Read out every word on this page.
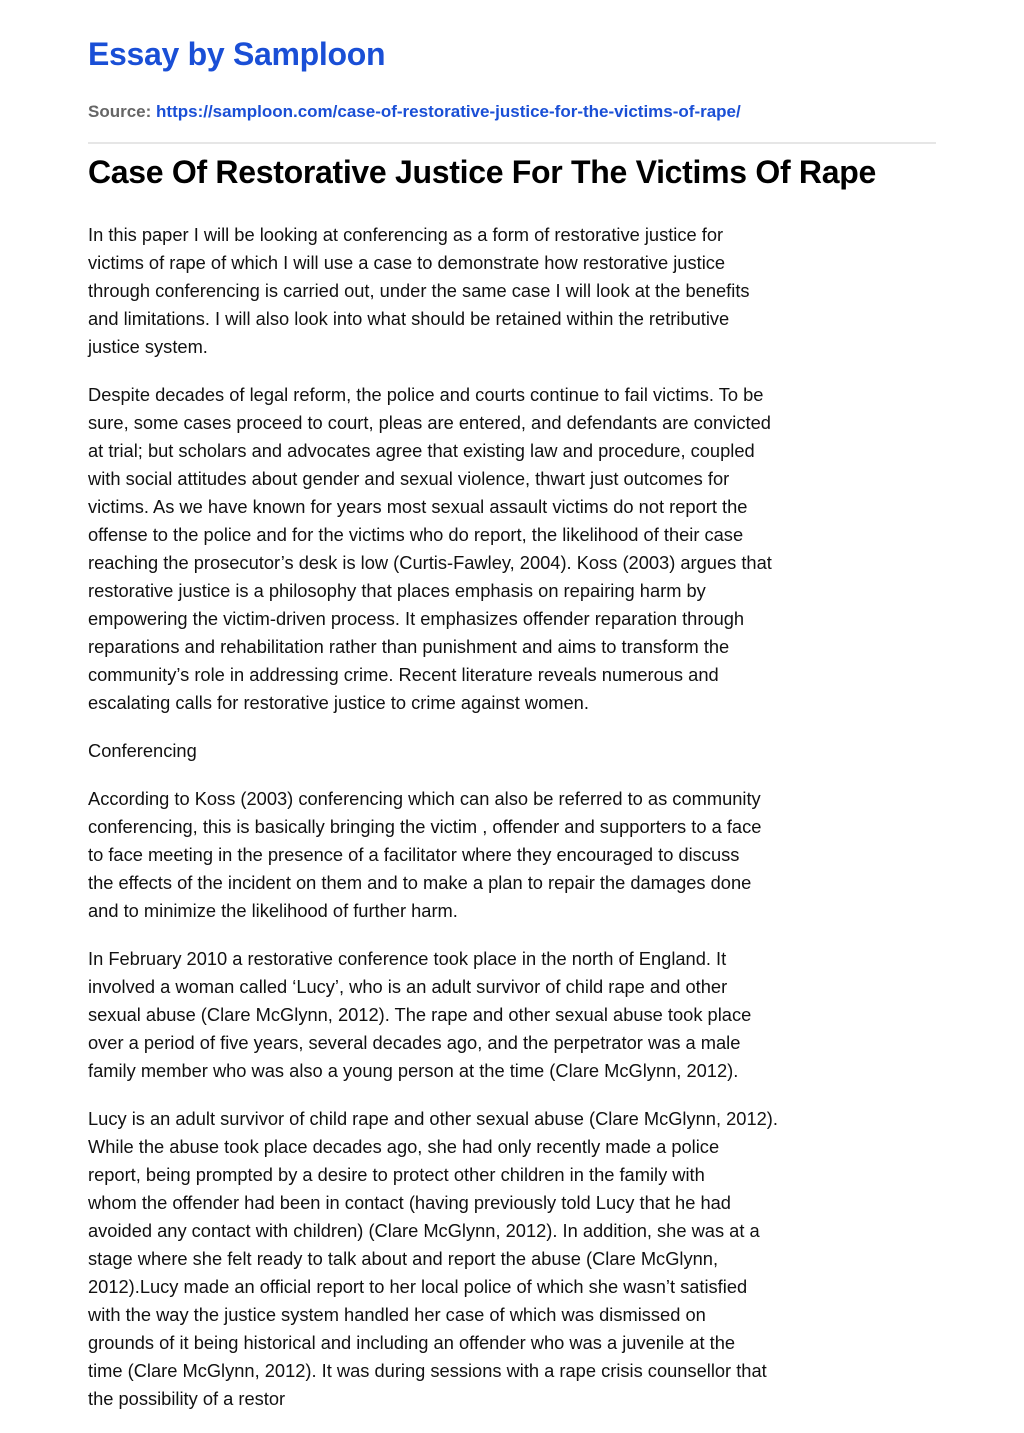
Essay by Samploon
Source: https://samploon.com/case-of-restorative-justice-for-the-victims-of-rape/
Case Of Restorative Justice For The Victims Of Rape

In this paper I will be looking at conferencing as a form of restorative justice for
victims of rape of which I will use a case to demonstrate how restorative justice
through conferencing is carried out, under the same case I will look at the benefits
and limitations. I will also look into what should be retained within the retributive
justice system.

Despite decades of legal reform, the police and courts continue to fail victims. To be
sure, some cases proceed to court, pleas are entered, and defendants are convicted
at trial; but scholars and advocates agree that existing law and procedure, coupled
with social attitudes about gender and sexual violence, thwart just outcomes for
victims. As we have known for years most sexual assault victims do not report the
offense to the police and for the victims who do report, the likelihood of their case
reaching the prosecutor’s desk is low (Curtis-Fawley, 2004). Koss (2003) argues that
restorative justice is a philosophy that places emphasis on repairing harm by
empowering the victim-driven process. It emphasizes offender reparation through
reparations and rehabilitation rather than punishment and aims to transform the
community’s role in addressing crime. Recent literature reveals numerous and
escalating calls for restorative justice to crime against women.

Conferencing

According to Koss (2003) conferencing which can also be referred to as community
conferencing, this is basically bringing the victim , offender and supporters to a face
to face meeting in the presence of a facilitator where they encouraged to discuss
the effects of the incident on them and to make a plan to repair the damages done
and to minimize the likelihood of further harm.

In February 2010 a restorative conference took place in the north of England. It
involved a woman called ‘Lucy’, who is an adult survivor of child rape and other
sexual abuse (Clare McGlynn, 2012). The rape and other sexual abuse took place
over a period of five years, several decades ago, and the perpetrator was a male
family member who was also a young person at the time (Clare McGlynn, 2012).

Lucy is an adult survivor of child rape and other sexual abuse (Clare McGlynn, 2012).
While the abuse took place decades ago, she had only recently made a police
report, being prompted by a desire to protect other children in the family with
whom the offender had been in contact (having previously told Lucy that he had
avoided any contact with children) (Clare McGlynn, 2012). In addition, she was at a
stage where she felt ready to talk about and report the abuse (Clare McGlynn,
2012).Lucy made an official report to her local police of which she wasn’t satisfied
with the way the justice system handled her case of which was dismissed on
grounds of it being historical and including an offender who was a juvenile at the
time (Clare McGlynn, 2012). It was during sessions with a rape crisis counsellor that
the possibility of a restor
